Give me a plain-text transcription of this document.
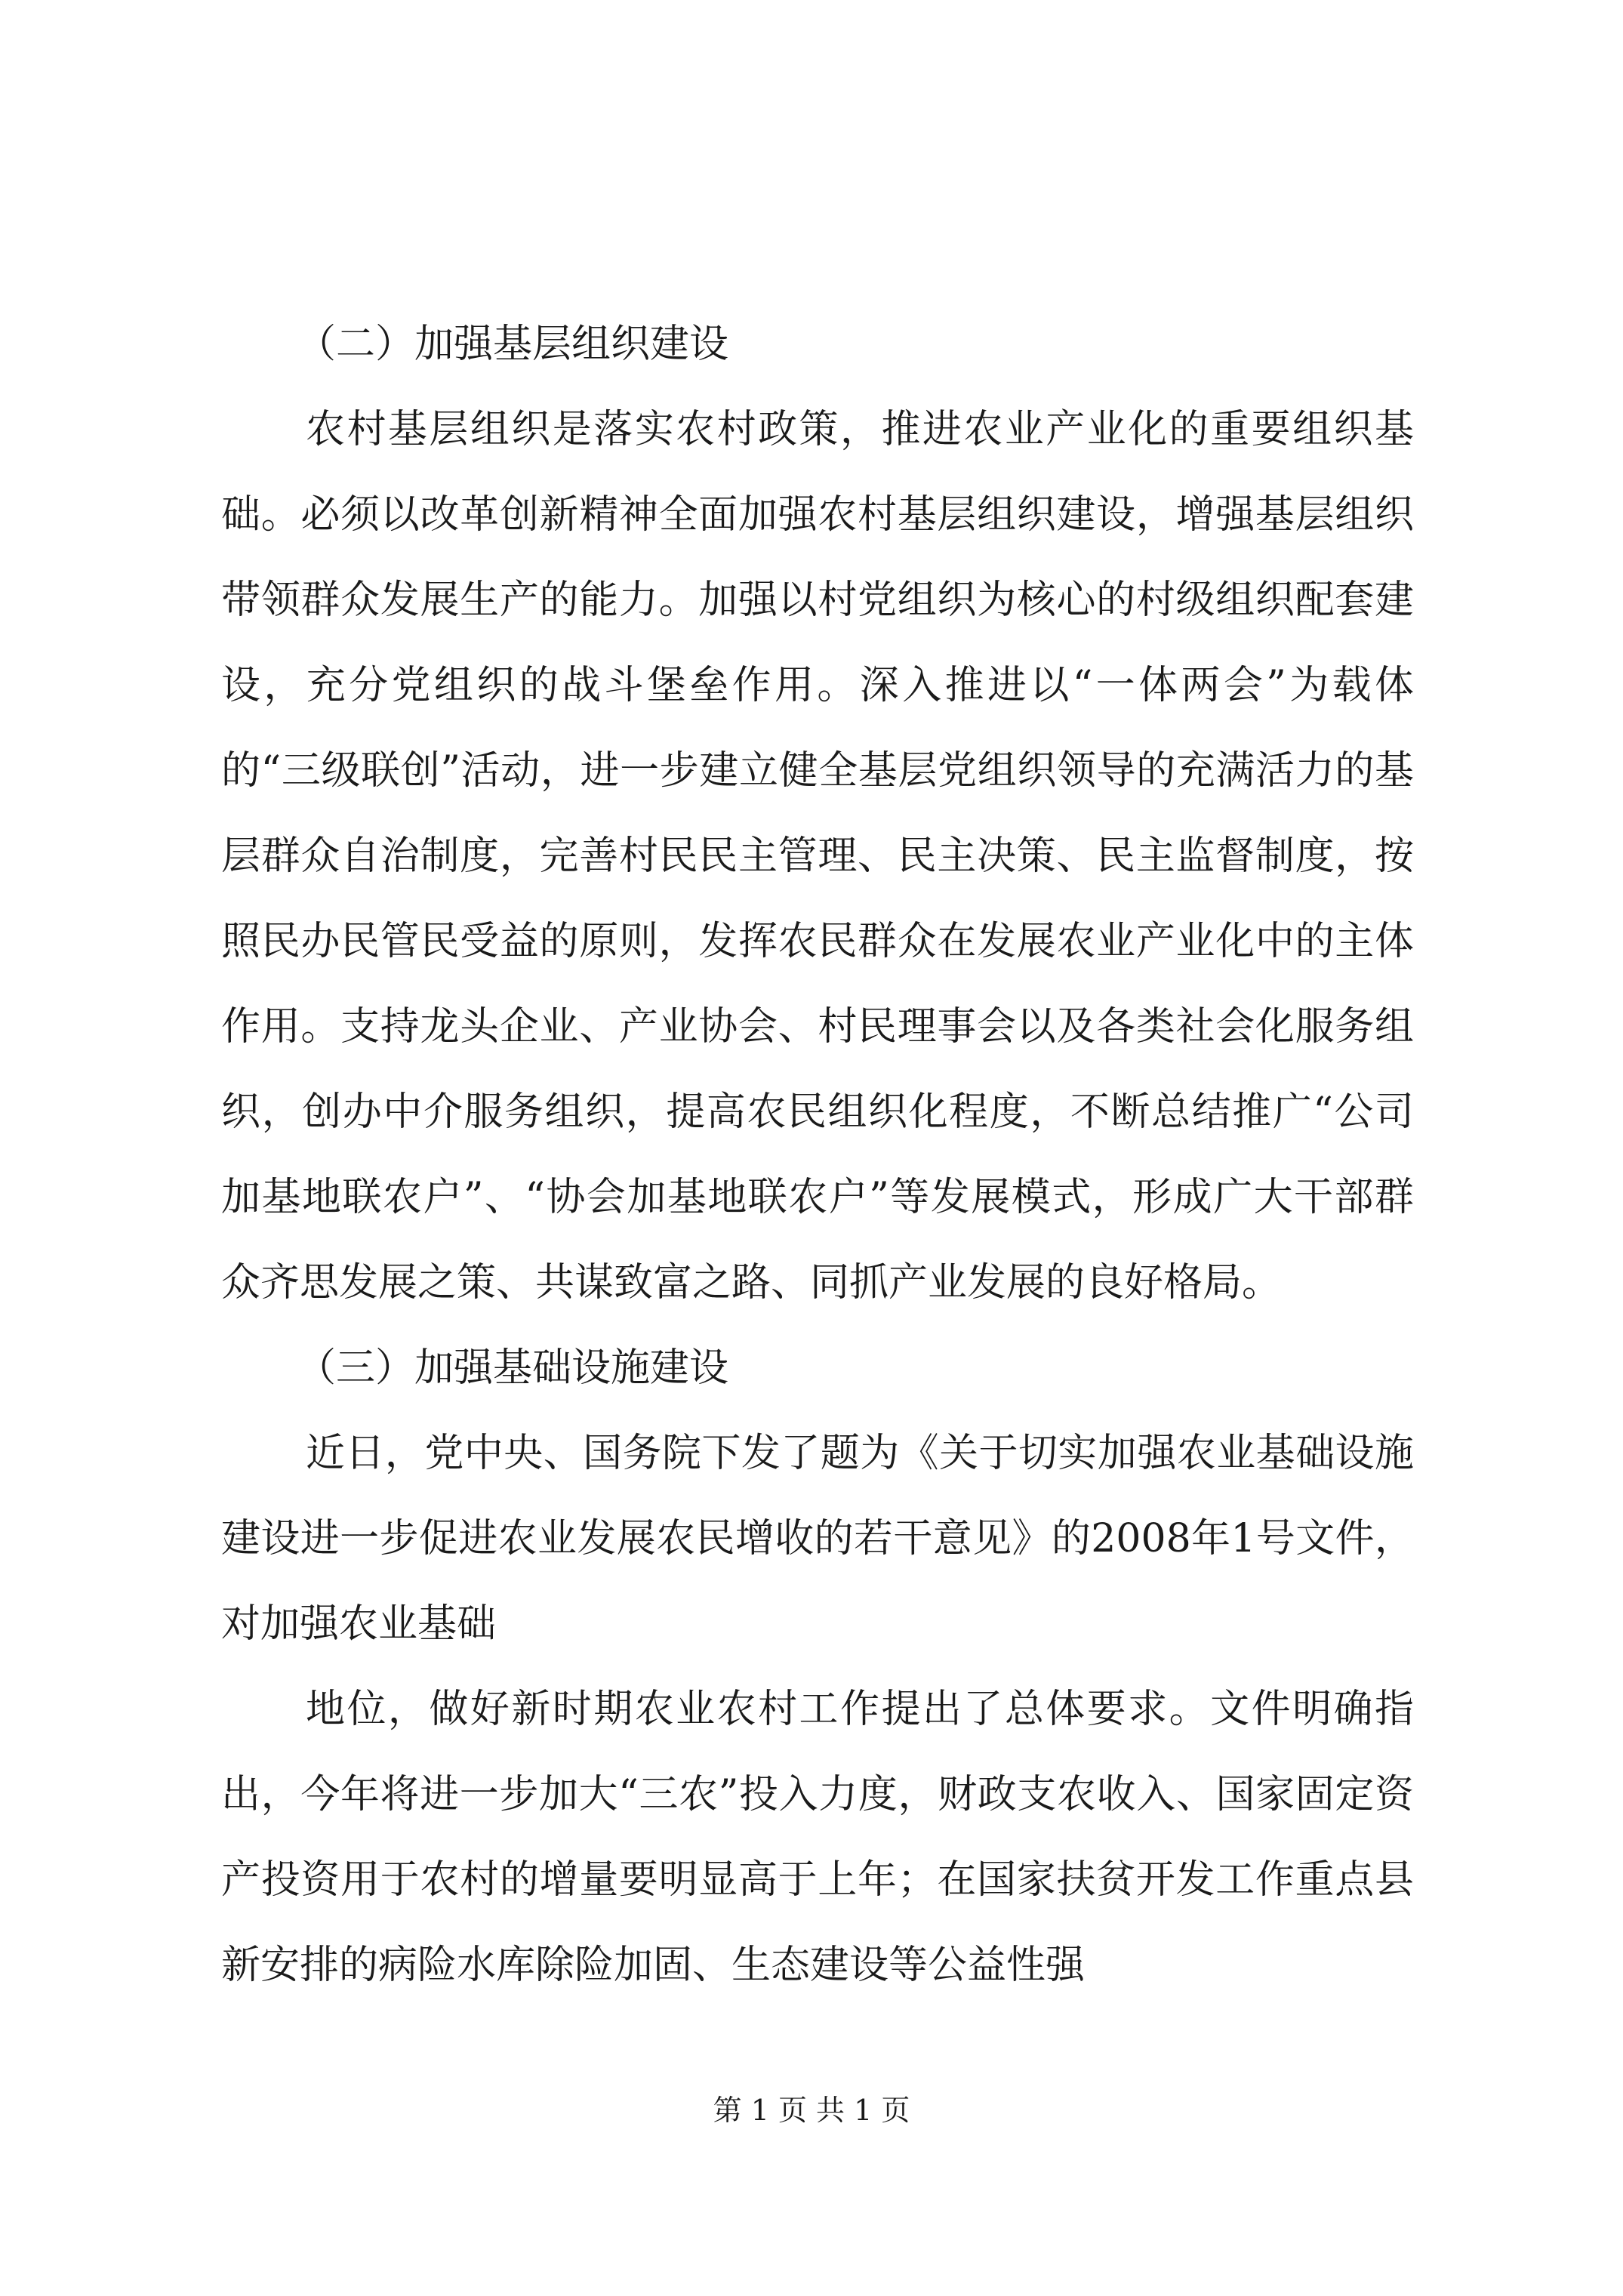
（二）加强基层组织建设

农村基层组织是落实农村政策，推进农业产业化的重要组织基础。必须以改革创新精神全面加强农村基层组织建设，增强基层组织带领群众发展生产的能力。加强以村党组织为核心的村级组织配套建设，充分党组织的战斗堡垒作用。深入推进以“一体两会”为载体的“三级联创”活动，进一步建立健全基层党组织领导的充满活力的基层群众自治制度，完善村民民主管理、民主决策、民主监督制度，按照民办民管民受益的原则，发挥农民群众在发展农业产业化中的主体作用。支持龙头企业、产业协会、村民理事会以及各类社会化服务组织，创办中介服务组织，提高农民组织化程度，不断总结推广“公司加基地联农户”、“协会加基地联农户”等发展模式，形成广大干部群众齐思发展之策、共谋致富之路、同抓产业发展的良好格局。

（三）加强基础设施建设

近日，党中央、国务院下发了题为《关于切实加强农业基础设施建设进一步促进农业发展农民增收的若干意见》的2008年1号文件，对加强农业基础

地位，做好新时期农业农村工作提出了总体要求。文件明确指出，今年将进一步加大“三农”投入力度，财政支农收入、国家固定资产投资用于农村的增量要明显高于上年；在国家扶贫开发工作重点县新安排的病险水库除险加固、生态建设等公益性强

第 1 页 共 1 页
